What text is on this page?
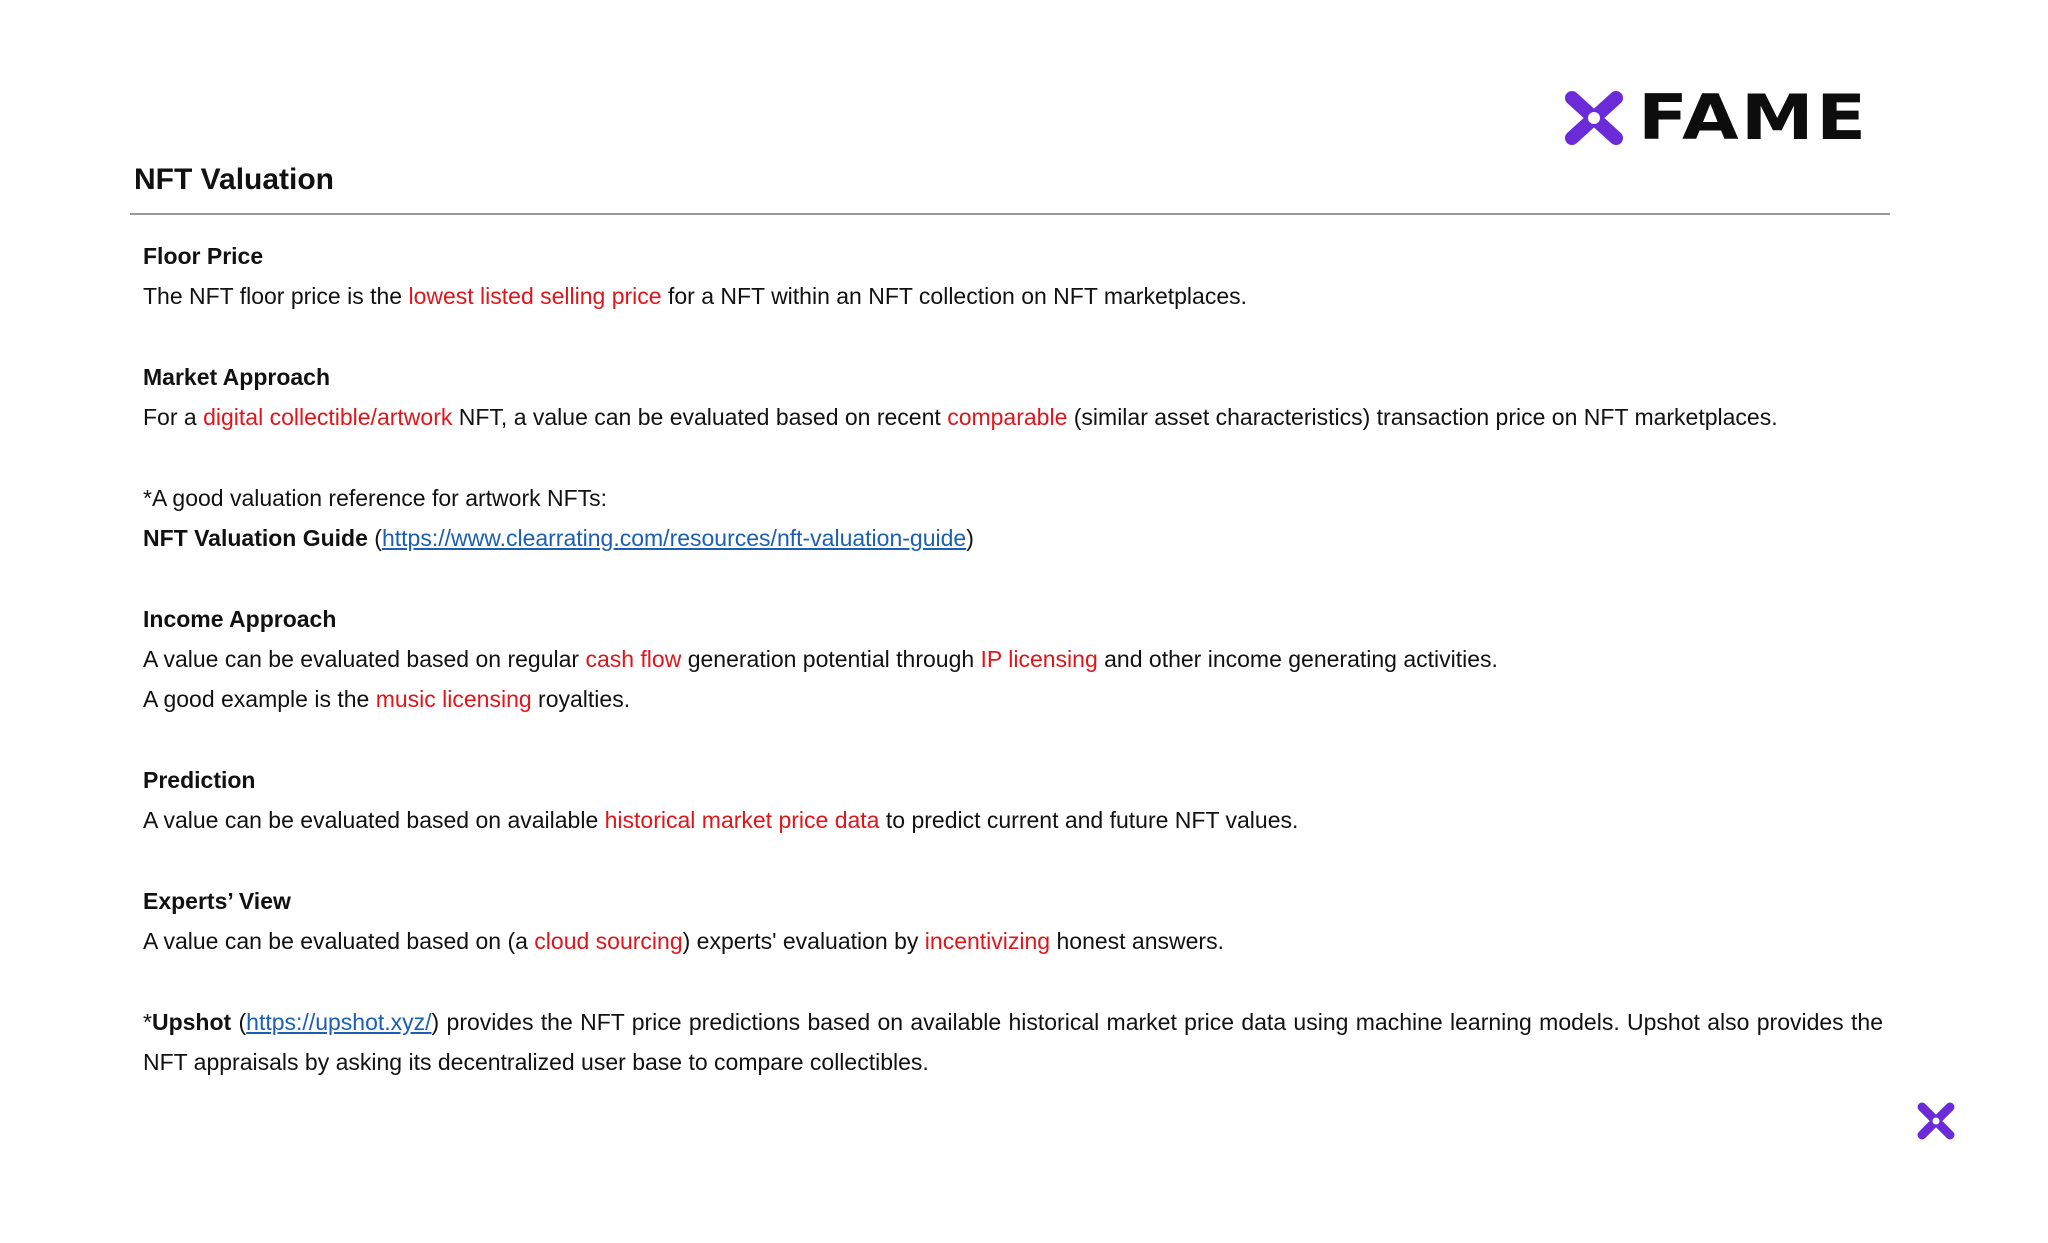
FAME
NFT Valuation
Floor Price
The NFT floor price is the lowest listed selling price for a NFT within an NFT collection on NFT marketplaces.
Market Approach
For a digital collectible/artwork NFT, a value can be evaluated based on recent comparable (similar asset characteristics) transaction price on NFT marketplaces.
*A good valuation reference for artwork NFTs:
NFT Valuation Guide (https://www.clearrating.com/resources/nft-valuation-guide)
Income Approach
A value can be evaluated based on regular cash flow generation potential through IP licensing and other income generating activities.
A good example is the music licensing royalties.
Prediction
A value can be evaluated based on available historical market price data to predict current and future NFT values.
Experts’ View
A value can be evaluated based on (a cloud sourcing) experts' evaluation by incentivizing honest answers.
*Upshot (https://upshot.xyz/) provides the NFT price predictions based on available historical market price data using machine learning models. Upshot also provides the NFT appraisals by asking its decentralized user base to compare collectibles.
